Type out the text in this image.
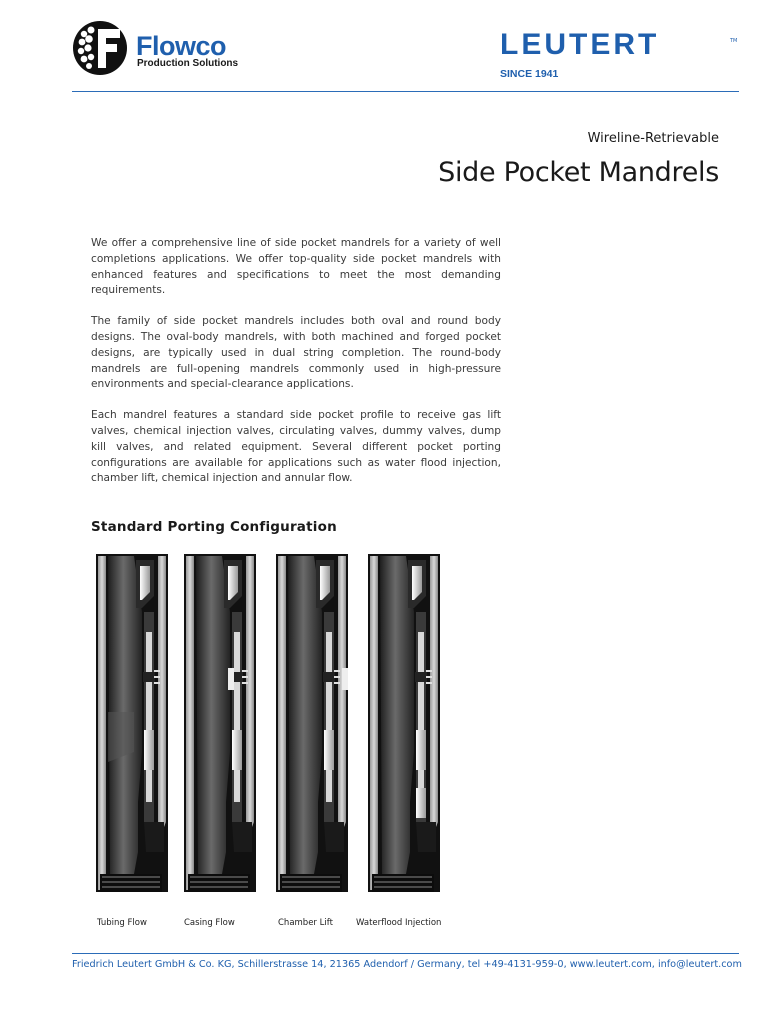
Flowco
Production Solutions
LEUTERT	TM
SINCE 1941
Wireline-Retrievable
Side Pocket Mandrels

We offer a comprehensive line of side pocket mandrels for a variety of well completions applications. We offer top-quality side pocket mandrels with enhanced features and specifications to meet the most demanding requirements.

The family of side pocket mandrels includes both oval and round body designs. The oval-body mandrels, with both machined and forged pocket designs, are typically used in dual string completion. The round-body mandrels are full-opening mandrels commonly used in high-pressure environments and special-clearance applications.

Each mandrel features a standard side pocket profile to receive gas lift valves, chemical injection valves, circulating valves, dummy valves, dump kill valves, and related equipment. Several different pocket porting configurations are available for applications such as water flood injection, chamber lift, chemical injection and annular flow.

Standard Porting Configuration
Tubing Flow	Casing Flow	Chamber Lift	Waterflood Injection
Friedrich Leutert GmbH & Co. KG, Schillerstrasse 14, 21365 Adendorf / Germany, tel +49-4131-959-0, www.leutert.com, info@leutert.com
